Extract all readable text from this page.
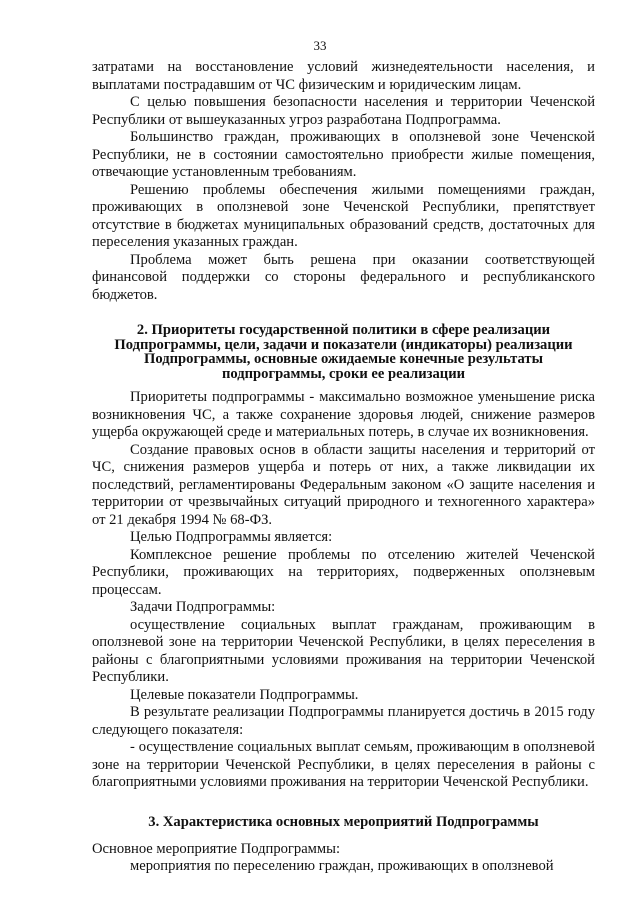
33

затратами на восстановление условий жизнедеятельности населения, и выплатами пострадавшим от ЧС физическим и юридическим лицам.

С целью повышения безопасности населения и территории Чеченской Республики от вышеуказанных угроз разработана Подпрограмма.

Большинство граждан, проживающих в оползневой зоне Чеченской Республики, не в состоянии самостоятельно приобрести жилые помещения, отвечающие установленным требованиям.

Решению проблемы обеспечения жилыми помещениями граждан, проживающих в оползневой зоне Чеченской Республики, препятствует отсутствие в бюджетах муниципальных образований средств, достаточных для переселения указанных граждан.

Проблема может быть решена при оказании соответствующей финансовой поддержки со стороны федерального и республиканского бюджетов.

2. Приоритеты государственной политики в сфере реализации Подпрограммы, цели, задачи и показатели (индикаторы) реализации Подпрограммы, основные ожидаемые конечные результаты подпрограммы, сроки ее реализации

Приоритеты подпрограммы - максимально возможное уменьшение риска возникновения ЧС, а также сохранение здоровья людей, снижение размеров ущерба окружающей среде и материальных потерь, в случае их возникновения.

Создание правовых основ в области защиты населения и территорий от ЧС, снижения размеров ущерба и потерь от них, а также ликвидации их последствий, регламентированы Федеральным законом «О защите населения и территории от чрезвычайных ситуаций природного и техногенного характера» от 21 декабря 1994 № 68-ФЗ.

Целью Подпрограммы является:

Комплексное решение проблемы по отселению жителей Чеченской Республики, проживающих на территориях, подверженных оползневым процессам.

Задачи Подпрограммы:

осуществление социальных выплат гражданам, проживающим в оползневой зоне на территории Чеченской Республики, в целях переселения в районы с благоприятными условиями проживания на территории Чеченской Республики.

Целевые показатели Подпрограммы.

В результате реализации Подпрограммы планируется достичь в 2015 году следующего показателя:

- осуществление социальных выплат семьям, проживающим в оползневой зоне на территории Чеченской Республики, в целях переселения в районы с благоприятными условиями проживания на территории Чеченской Республики.

3. Характеристика основных мероприятий Подпрограммы

Основное мероприятие Подпрограммы:

мероприятия по переселению граждан, проживающих в оползневой
